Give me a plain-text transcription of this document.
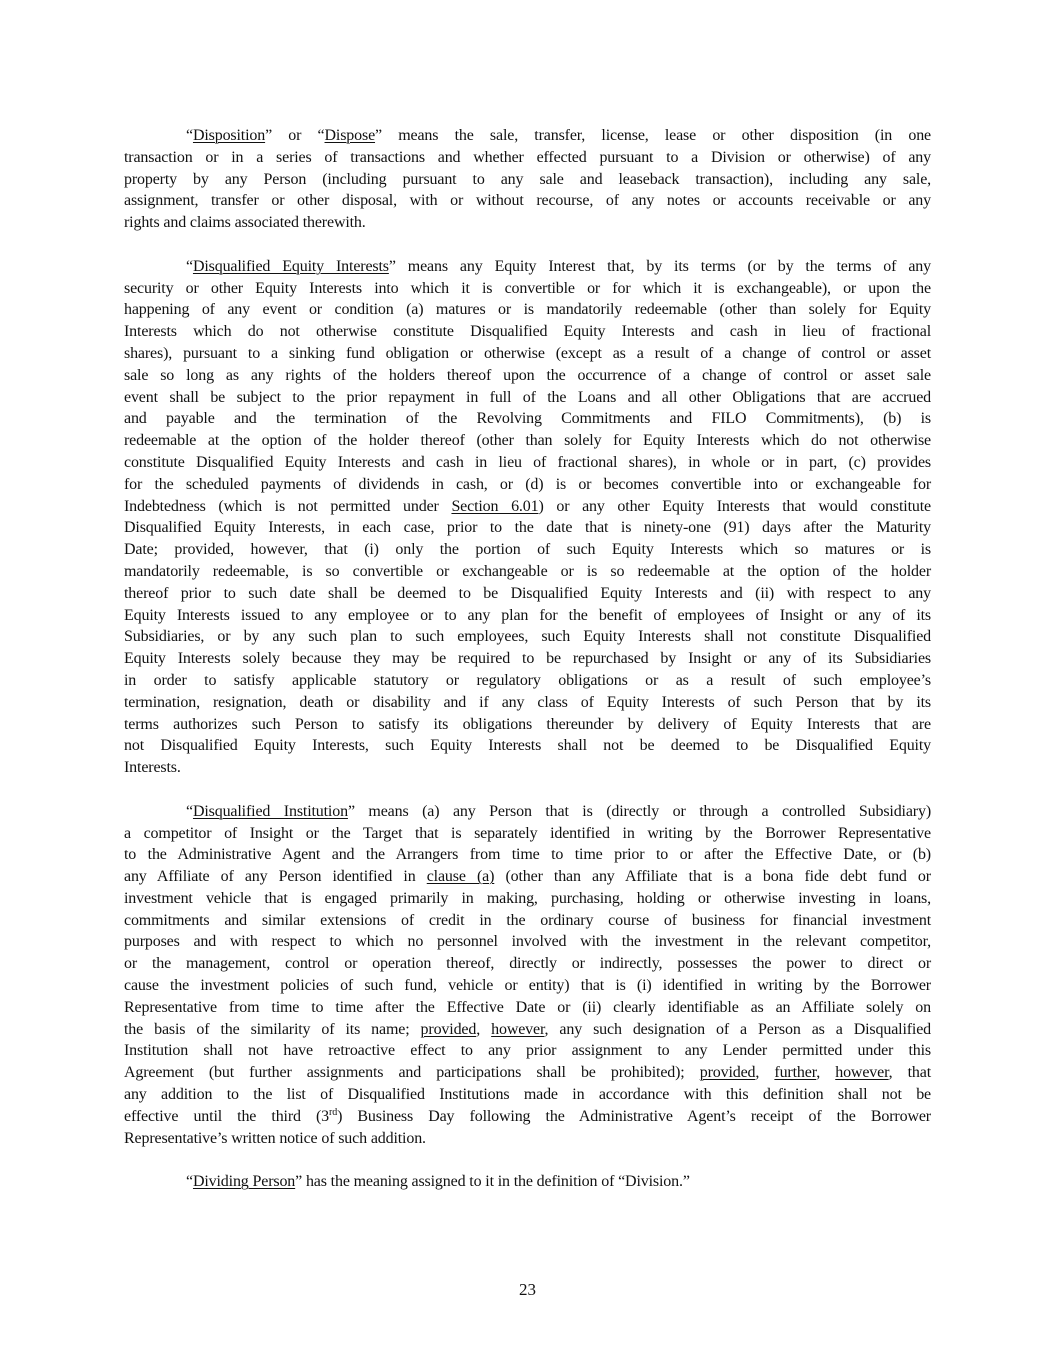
“Disposition” or “Dispose” means the sale, transfer, license, lease or other disposition (in one
transaction or in a series of transactions and whether effected pursuant to a Division or otherwise) of any
property by any Person (including pursuant to any sale and leaseback transaction), including any sale,
assignment, transfer or other disposal, with or without recourse, of any notes or accounts receivable or any
rights and claims associated therewith.
“Disqualified Equity Interests” means any Equity Interest that, by its terms (or by the terms of any
security or other Equity Interests into which it is convertible or for which it is exchangeable), or upon the
happening of any event or condition (a) matures or is mandatorily redeemable (other than solely for Equity
Interests which do not otherwise constitute Disqualified Equity Interests and cash in lieu of fractional
shares), pursuant to a sinking fund obligation or otherwise (except as a result of a change of control or asset
sale so long as any rights of the holders thereof upon the occurrence of a change of control or asset sale
event shall be subject to the prior repayment in full of the Loans and all other Obligations that are accrued
and payable and the termination of the Revolving Commitments and FILO Commitments), (b) is
redeemable at the option of the holder thereof (other than solely for Equity Interests which do not otherwise
constitute Disqualified Equity Interests and cash in lieu of fractional shares), in whole or in part, (c) provides
for the scheduled payments of dividends in cash, or (d) is or becomes convertible into or exchangeable for
Indebtedness (which is not permitted under Section 6.01) or any other Equity Interests that would constitute
Disqualified Equity Interests, in each case, prior to the date that is ninety-one (91) days after the Maturity
Date; provided, however, that (i) only the portion of such Equity Interests which so matures or is
mandatorily redeemable, is so convertible or exchangeable or is so redeemable at the option of the holder
thereof prior to such date shall be deemed to be Disqualified Equity Interests and (ii) with respect to any
Equity Interests issued to any employee or to any plan for the benefit of employees of Insight or any of its
Subsidiaries, or by any such plan to such employees, such Equity Interests shall not constitute Disqualified
Equity Interests solely because they may be required to be repurchased by Insight or any of its Subsidiaries
in order to satisfy applicable statutory or regulatory obligations or as a result of such employee’s
termination, resignation, death or disability and if any class of Equity Interests of such Person that by its
terms authorizes such Person to satisfy its obligations thereunder by delivery of Equity Interests that are
not Disqualified Equity Interests, such Equity Interests shall not be deemed to be Disqualified Equity
Interests.
“Disqualified Institution” means (a) any Person that is (directly or through a controlled Subsidiary)
a competitor of Insight or the Target that is separately identified in writing by the Borrower Representative
to the Administrative Agent and the Arrangers from time to time prior to or after the Effective Date, or (b)
any Affiliate of any Person identified in clause (a) (other than any Affiliate that is a bona fide debt fund or
investment vehicle that is engaged primarily in making, purchasing, holding or otherwise investing in loans,
commitments and similar extensions of credit in the ordinary course of business for financial investment
purposes and with respect to which no personnel involved with the investment in the relevant competitor,
or the management, control or operation thereof, directly or indirectly, possesses the power to direct or
cause the investment policies of such fund, vehicle or entity) that is (i) identified in writing by the Borrower
Representative from time to time after the Effective Date or (ii) clearly identifiable as an Affiliate solely on
the basis of the similarity of its name; provided, however, any such designation of a Person as a Disqualified
Institution shall not have retroactive effect to any prior assignment to any Lender permitted under this
Agreement (but further assignments and participations shall be prohibited); provided, further, however, that
any addition to the list of Disqualified Institutions made in accordance with this definition shall not be
effective until the third (3rd) Business Day following the Administrative Agent’s receipt of the Borrower
Representative’s written notice of such addition.
“Dividing Person” has the meaning assigned to it in the definition of “Division.”
23
